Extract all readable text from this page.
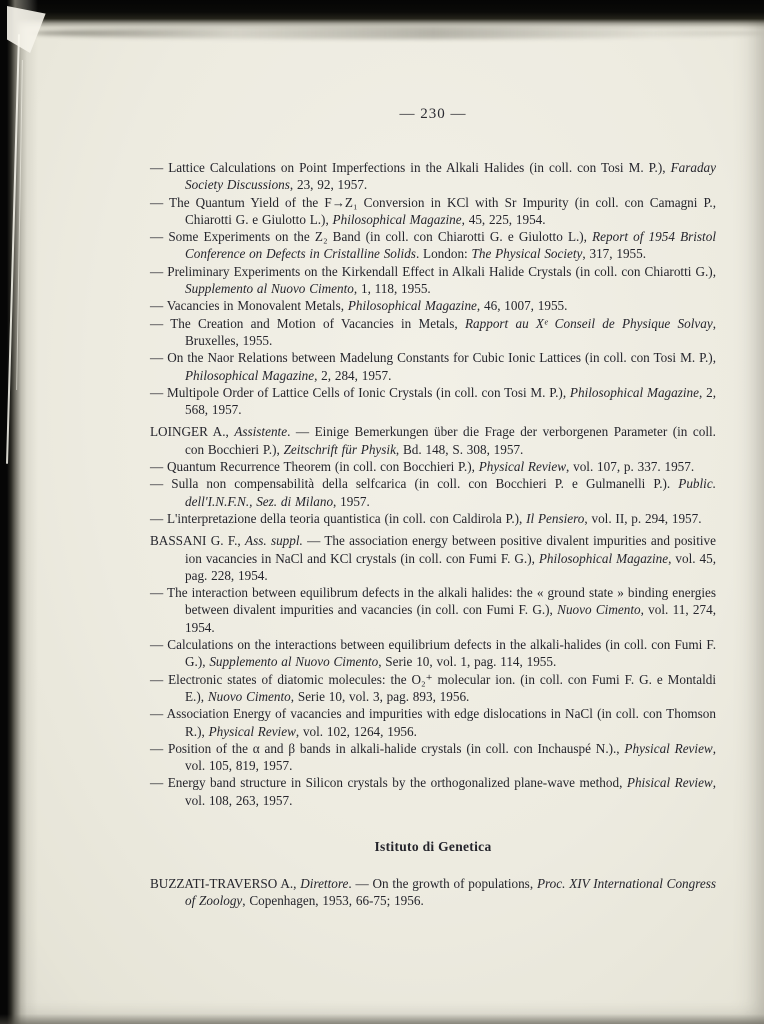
— 230 —

— Lattice Calculations on Point Imperfections in the Alkali Halides (in coll. con Tosi M. P.), Faraday Society Discussions, 23, 92, 1957.

— The Quantum Yield of the F→Z₁ Conversion in KCl with Sr Impurity (in coll. con Camagni P., Chiarotti G. e Giulotto L.), Philosophical Magazine, 45, 225, 1954.

— Some Experiments on the Z₂ Band (in coll. con Chiarotti G. e Giulotto L.), Report of 1954 Bristol Conference on Defects in Cristalline Solids. London: The Physical Society, 317, 1955.

— Preliminary Experiments on the Kirkendall Effect in Alkali Halide Crystals (in coll. con Chiarotti G.), Supplemento al Nuovo Cimento, 1, 118, 1955.

— Vacancies in Monovalent Metals, Philosophical Magazine, 46, 1007, 1955.

— The Creation and Motion of Vacancies in Metals, Rapport au Xᵉ Conseil de Physique Solvay, Bruxelles, 1955.

— On the Naor Relations between Madelung Constants for Cubic Ionic Lattices (in coll. con Tosi M. P.), Philosophical Magazine, 2, 284, 1957.

— Multipole Order of Lattice Cells of Ionic Crystals (in coll. con Tosi M. P.), Philosophical Magazine, 2, 568, 1957.

LOINGER A., Assistente. — Einige Bemerkungen über die Frage der verborgenen Parameter (in coll. con Bocchieri P.), Zeitschrift für Physik, Bd. 148, S. 308, 1957.

— Quantum Recurrence Theorem (in coll. con Bocchieri P.), Physical Review, vol. 107, p. 337. 1957.

— Sulla non compensabilità della selfcarica (in coll. con Bocchieri P. e Gulmanelli P.). Public. dell'I.N.F.N., Sez. di Milano, 1957.

— L'interpretazione della teoria quantistica (in coll. con Caldirola P.), Il Pensiero, vol. II, p. 294, 1957.

BASSANI G. F., Ass. suppl. — The association energy between positive divalent impurities and positive ion vacancies in NaCl and KCl crystals (in coll. con Fumi F. G.), Philosophical Magazine, vol. 45, pag. 228, 1954.

— The interaction between equilibrum defects in the alkali halides: the « ground state » binding energies between divalent impurities and vacancies (in coll. con Fumi F. G.), Nuovo Cimento, vol. 11, 274, 1954.

— Calculations on the interactions between equilibrium defects in the alkali-halides (in coll. con Fumi F. G.), Supplemento al Nuovo Cimento, Serie 10, vol. 1, pag. 114, 1955.

— Electronic states of diatomic molecules: the O₂⁺ molecular ion. (in coll. con Fumi F. G. e Montaldi E.), Nuovo Cimento, Serie 10, vol. 3, pag. 893, 1956.

— Association Energy of vacancies and impurities with edge dislocations in NaCl (in coll. con Thomson R.), Physical Review, vol. 102, 1264, 1956.

— Position of the α and β bands in alkali-halide crystals (in coll. con Inchauspé N.)., Physical Review, vol. 105, 819, 1957.

— Energy band structure in Silicon crystals by the orthogonalized plane-wave method, Phisical Review, vol. 108, 263, 1957.

Istituto di Genetica

BUZZATI-TRAVERSO A., Direttore. — On the growth of populations, Proc. XIV International Congress of Zoology, Copenhagen, 1953, 66-75; 1956.
